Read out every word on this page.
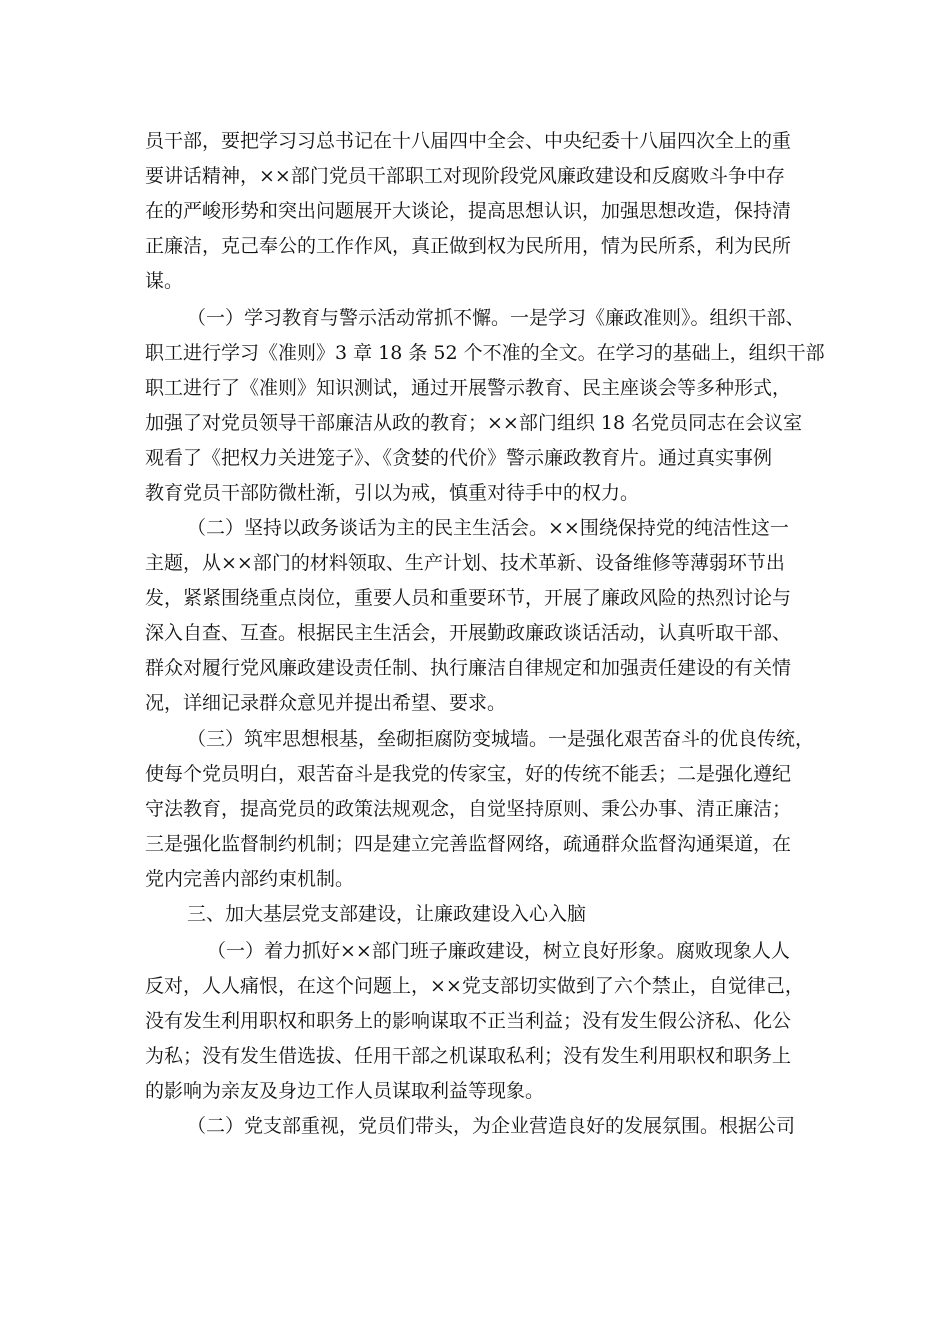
员干部，要把学习习总书记在十八届四中全会、中央纪委十八届四次全上的重

要讲话精神，××部门党员干部职工对现阶段党风廉政建设和反腐败斗争中存

在的严峻形势和突出问题展开大谈论，提高思想认识，加强思想改造，保持清

正廉洁，克己奉公的工作作风，真正做到权为民所用，情为民所系，利为民所

谋。

（一）学习教育与警示活动常抓不懈。一是学习《廉政准则》。组织干部、

职工进行学习《准则》3 章 18 条 52 个不准的全文。在学习的基础上，组织干部

职工进行了《准则》知识测试，通过开展警示教育、民主座谈会等多种形式，

加强了对党员领导干部廉洁从政的教育；××部门组织 18 名党员同志在会议室

观看了《把权力关进笼子》、《贪婪的代价》警示廉政教育片。通过真实事例

教育党员干部防微杜渐，引以为戒，慎重对待手中的权力。

（二）坚持以政务谈话为主的民主生活会。××围绕保持党的纯洁性这一

主题，从××部门的材料领取、生产计划、技术革新、设备维修等薄弱环节出

发，紧紧围绕重点岗位，重要人员和重要环节，开展了廉政风险的热烈讨论与

深入自查、互查。根据民主生活会，开展勤政廉政谈话活动，认真听取干部、

群众对履行党风廉政建设责任制、执行廉洁自律规定和加强责任建设的有关情

况，详细记录群众意见并提出希望、要求。

（三）筑牢思想根基，垒砌拒腐防变城墙。一是强化艰苦奋斗的优良传统，

使每个党员明白，艰苦奋斗是我党的传家宝，好的传统不能丢；二是强化遵纪

守法教育，提高党员的政策法规观念，自觉坚持原则、秉公办事、清正廉洁；

三是强化监督制约机制；四是建立完善监督网络，疏通群众监督沟通渠道，在

党内完善内部约束机制。

三、加大基层党支部建设，让廉政建设入心入脑

（一）着力抓好××部门班子廉政建设，树立良好形象。腐败现象人人

反对，人人痛恨，在这个问题上，××党支部切实做到了六个禁止，自觉律己，

没有发生利用职权和职务上的影响谋取不正当利益；没有发生假公济私、化公

为私；没有发生借选拔、任用干部之机谋取私利；没有发生利用职权和职务上

的影响为亲友及身边工作人员谋取利益等现象。

（二）党支部重视，党员们带头，为企业营造良好的发展氛围。根据公司
